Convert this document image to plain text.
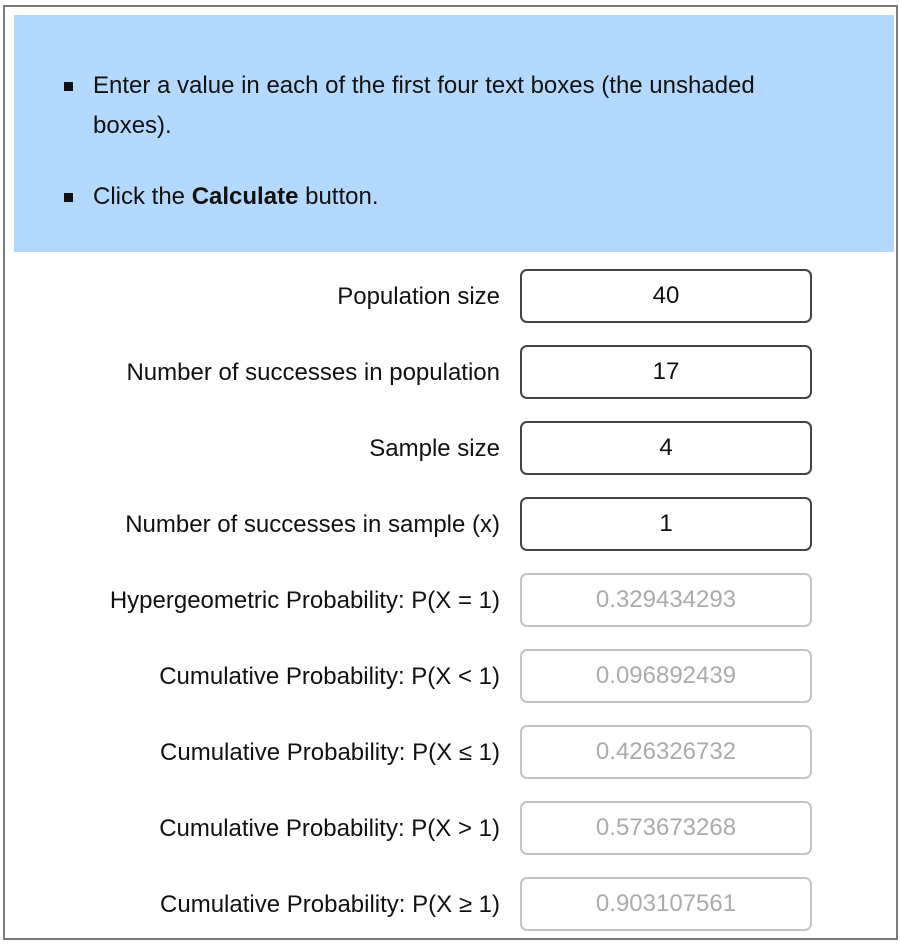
Enter a value in each of the first four text boxes (the unshaded boxes).
Click the Calculate button.
Population size
40
Number of successes in population
17
Sample size
4
Number of successes in sample (x)
1
Hypergeometric Probability: P(X = 1)
0.329434293
Cumulative Probability: P(X < 1)
0.096892439
Cumulative Probability: P(X ≤ 1)
0.426326732
Cumulative Probability: P(X > 1)
0.573673268
Cumulative Probability: P(X ≥ 1)
0.903107561
